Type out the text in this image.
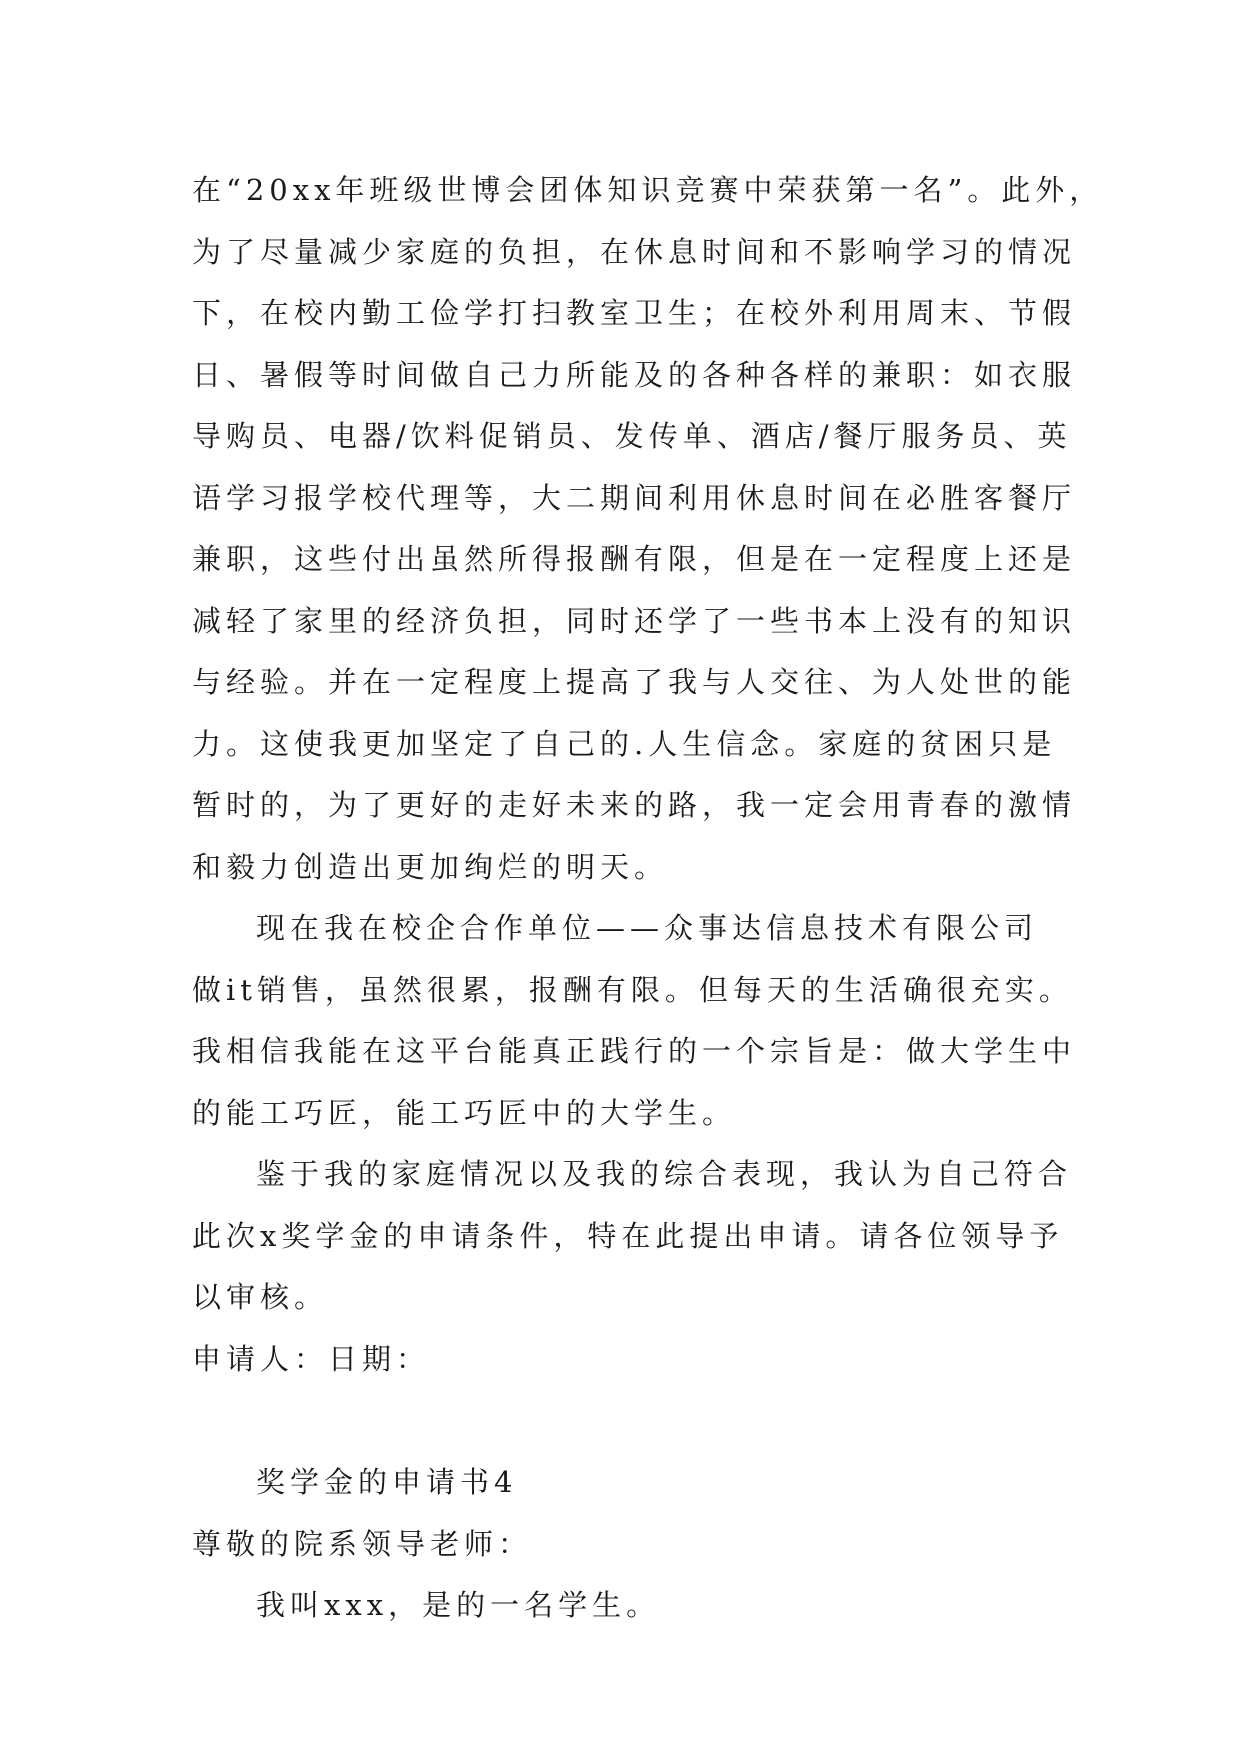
在“20xx年班级世博会团体知识竞赛中荣获第一名”。此外，
为了尽量减少家庭的负担，在休息时间和不影响学习的情况
下，在校内勤工俭学打扫教室卫生；在校外利用周末、节假
日、暑假等时间做自己力所能及的各种各样的兼职：如衣服
导购员、电器/饮料促销员、发传单、酒店/餐厅服务员、英
语学习报学校代理等，大二期间利用休息时间在必胜客餐厅
兼职，这些付出虽然所得报酬有限，但是在一定程度上还是
减轻了家里的经济负担，同时还学了一些书本上没有的知识
与经验。并在一定程度上提高了我与人交往、为人处世的能
力。这使我更加坚定了自己的.人生信念。家庭的贫困只是
暂时的，为了更好的走好未来的路，我一定会用青春的激情
和毅力创造出更加绚烂的明天。
现在我在校企合作单位——众事达信息技术有限公司
做it销售，虽然很累，报酬有限。但每天的生活确很充实。
我相信我能在这平台能真正践行的一个宗旨是：做大学生中
的能工巧匠，能工巧匠中的大学生。
鉴于我的家庭情况以及我的综合表现，我认为自己符合
此次x奖学金的申请条件，特在此提出申请。请各位领导予
以审核。
申请人：日期：
奖学金的申请书4
尊敬的院系领导老师：
我叫xxx，是的一名学生。
